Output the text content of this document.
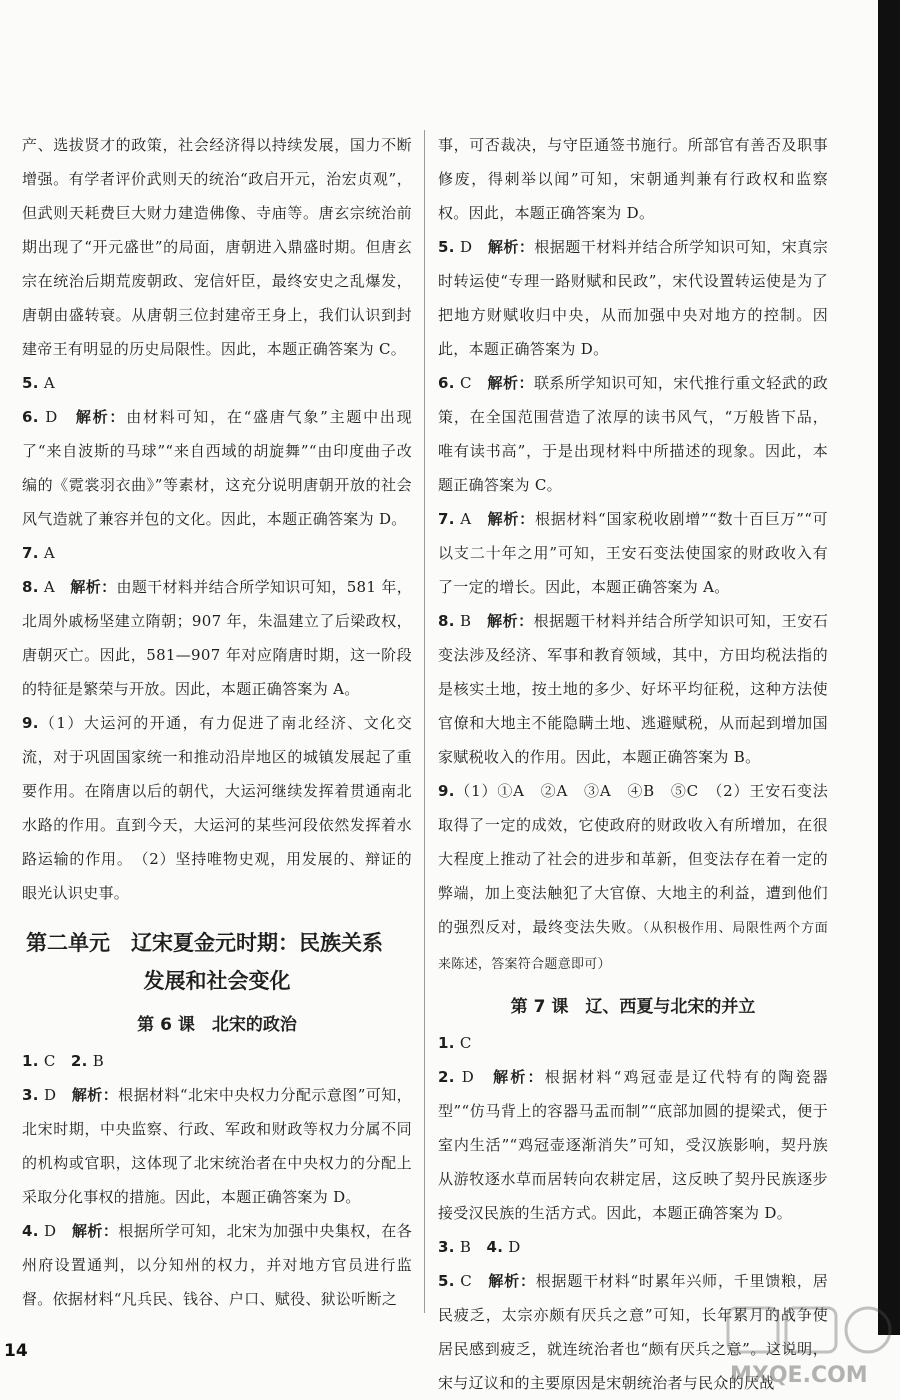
产、选拔贤才的政策，社会经济得以持续发展，国力不断增强。有学者评价武则天的统治“政启开元，治宏贞观”，但武则天耗费巨大财力建造佛像、寺庙等。唐玄宗统治前期出现了“开元盛世”的局面，唐朝进入鼎盛时期。但唐玄宗在统治后期荒废朝政、宠信奸臣，最终安史之乱爆发，唐朝由盛转衰。从唐朝三位封建帝王身上，我们认识到封建帝王有明显的历史局限性。因此，本题正确答案为 C。

5. A

6. D　解析：由材料可知，在“盛唐气象”主题中出现了“来自波斯的马球”“来自西域的胡旋舞”“由印度曲子改编的《霓裳羽衣曲》”等素材，这充分说明唐朝开放的社会风气造就了兼容并包的文化。因此，本题正确答案为 D。

7. A

8. A　解析：由题干材料并结合所学知识可知，581 年，北周外戚杨坚建立隋朝；907 年，朱温建立了后梁政权，唐朝灭亡。因此，581—907 年对应隋唐时期，这一阶段的特征是繁荣与开放。因此，本题正确答案为 A。

9.（1）大运河的开通，有力促进了南北经济、文化交流，对于巩固国家统一和推动沿岸地区的城镇发展起了重要作用。在隋唐以后的朝代，大运河继续发挥着贯通南北水路的作用。直到今天，大运河的某些河段依然发挥着水路运输的作用。　（2）坚持唯物史观，用发展的、辩证的眼光认识史事。

第二单元　辽宋夏金元时期：民族关系
发展和社会变化
第 6 课　北宋的政治

1. C　2. B

3. D　解析：根据材料“北宋中央权力分配示意图”可知，北宋时期，中央监察、行政、军政和财政等权力分属不同的机构或官职，这体现了北宋统治者在中央权力的分配上采取分化事权的措施。因此，本题正确答案为 D。

4. D　解析：根据所学可知，北宋为加强中央集权，在各州府设置通判，以分知州的权力，并对地方官员进行监督。依据材料“凡兵民、钱谷、户口、赋役、狱讼听断之

事，可否裁决，与守臣通签书施行。所部官有善否及职事修废，得刺举以闻”可知，宋朝通判兼有行政权和监察权。因此，本题正确答案为 D。

5. D　解析：根据题干材料并结合所学知识可知，宋真宗时转运使“专理一路财赋和民政”，宋代设置转运使是为了把地方财赋收归中央，从而加强中央对地方的控制。因此，本题正确答案为 D。

6. C　解析：联系所学知识可知，宋代推行重文轻武的政策，在全国范围营造了浓厚的读书风气，“万般皆下品，唯有读书高”，于是出现材料中所描述的现象。因此，本题正确答案为 C。

7. A　解析：根据材料“国家税收剧增”“数十百巨万”“可以支二十年之用”可知，王安石变法使国家的财政收入有了一定的增长。因此，本题正确答案为 A。

8. B　解析：根据题干材料并结合所学知识可知，王安石变法涉及经济、军事和教育领域，其中，方田均税法指的是核实土地，按土地的多少、好坏平均征税，这种方法使官僚和大地主不能隐瞒土地、逃避赋税，从而起到增加国家赋税收入的作用。因此，本题正确答案为 B。

9.（1）①A　②A　③A　④B　⑤C　（2）王安石变法取得了一定的成效，它使政府的财政收入有所增加，在很大程度上推动了社会的进步和革新，但变法存在着一定的弊端，加上变法触犯了大官僚、大地主的利益，遭到他们的强烈反对，最终变法失败。（从积极作用、局限性两个方面来陈述，答案符合题意即可）

第 7 课　辽、西夏与北宋的并立

1. C

2. D　解析：根据材料“鸡冠壶是辽代特有的陶瓷器型”“仿马背上的容器马盂而制”“底部加圆的提梁式，便于室内生活”“鸡冠壶逐渐消失”可知，受汉族影响，契丹族从游牧逐水草而居转向农耕定居，这反映了契丹民族逐步接受汉民族的生活方式。因此，本题正确答案为 D。

3. B　4. D

5. C　解析：根据题干材料“时累年兴师，千里馈粮，居民疲乏，太宗亦颇有厌兵之意”可知，长年累月的战争使居民感到疲乏，就连统治者也“颇有厌兵之意”。这说明，宋与辽议和的主要原因是宋朝统治者与民众的厌战

14
MXQE.COM
